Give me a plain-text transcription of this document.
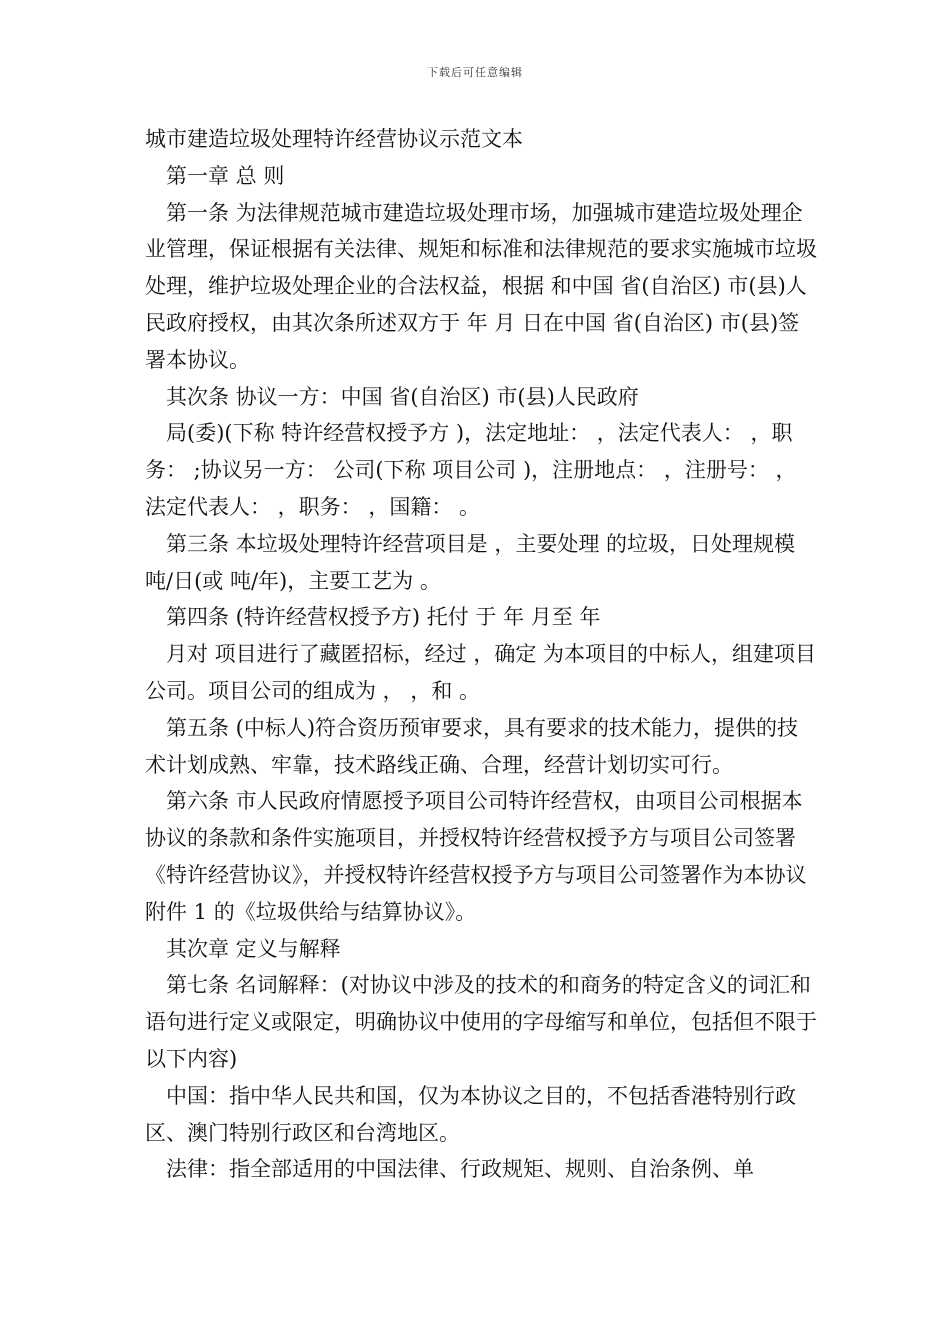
下载后可任意编辑

城市建造垃圾处理特许经营协议示范文本

第一章 总 则

第一条 为法律规范城市建造垃圾处理市场，加强城市建造垃圾处理企业管理，保证根据有关法律、规矩和标准和法律规范的要求实施城市垃圾处理，维护垃圾处理企业的合法权益，根据 和中国 省(自治区) 市(县)人民政府授权，由其次条所述双方于 年 月 日在中国 省(自治区) 市(县)签署本协议。

其次条 协议一方：中国 省(自治区) 市(县)人民政府

局(委)(下称 特许经营权授予方 )，法定地址： ，法定代表人： ，职务： ;协议另一方： 公司(下称 项目公司 )，注册地点： ，注册号： ，法定代表人： ，职务： ，国籍： 。

第三条 本垃圾处理特许经营项目是 ，主要处理 的垃圾，日处理规模 吨/日(或 吨/年)，主要工艺为 。

第四条 (特许经营权授予方) 托付 于 年 月至 年

月对 项目进行了藏匿招标，经过 ，确定 为本项目的中标人，组建项目公司。项目公司的组成为 ， ，和 。

第五条 (中标人)符合资历预审要求，具有要求的技术能力，提供的技术计划成熟、牢靠，技术路线正确、合理，经营计划切实可行。

第六条 市人民政府情愿授予项目公司特许经营权，由项目公司根据本协议的条款和条件实施项目，并授权特许经营权授予方与项目公司签署《特许经营协议》，并授权特许经营权授予方与项目公司签署作为本协议附件 1 的《垃圾供给与结算协议》。

其次章 定义与解释

第七条 名词解释：(对协议中涉及的技术的和商务的特定含义的词汇和语句进行定义或限定，明确协议中使用的字母缩写和单位，包括但不限于以下内容)

中国：指中华人民共和国，仅为本协议之目的，不包括香港特别行政区、澳门特别行政区和台湾地区。

法律：指全部适用的中国法律、行政规矩、规则、自治条例、单
